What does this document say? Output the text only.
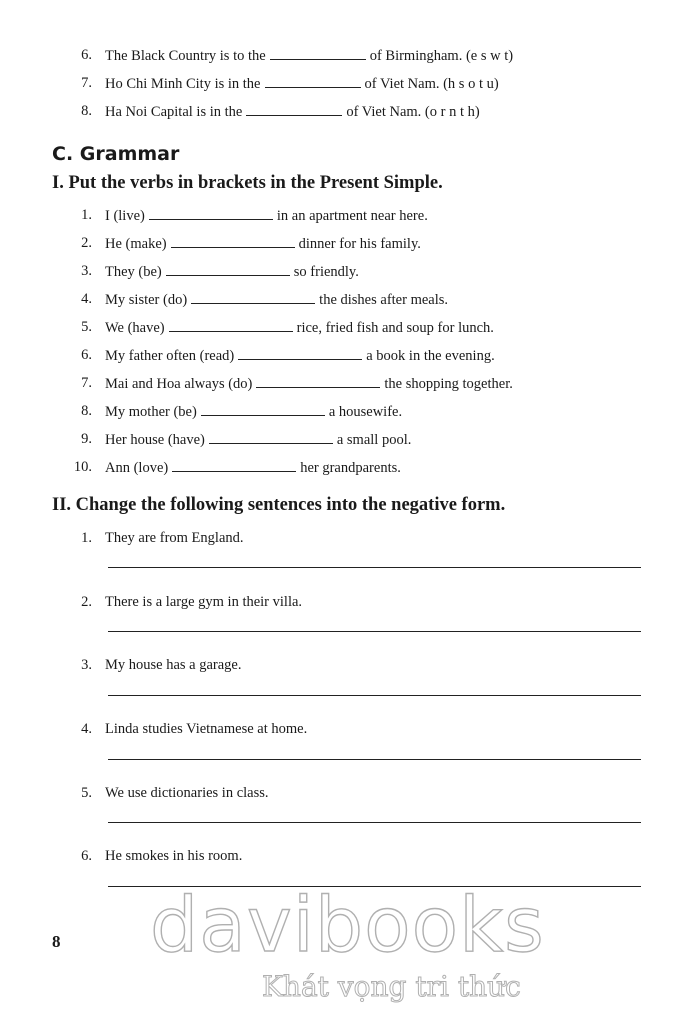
6. The Black Country is to the	of Birmingham. (e s w t)
7. Ho Chi Minh City is in the	of Viet Nam. (h s o t u)
8. Ha Noi Capital is in the	of Viet Nam. (o r n t h)
C. Grammar
I. Put the verbs in brackets in the Present Simple.
1. I (live)	in an apartment near here.
2. He (make)	dinner for his family.
3. They (be)	so friendly.
4. My sister (do)	the dishes after meals.
5. We (have)	rice, fried fish and soup for lunch.
6. My father often (read)	a book in the evening.
7. Mai and Hoa always (do)	the shopping together.
8. My mother (be)	a housewife.
9. Her house (have)	a small pool.
10. Ann (love)	her grandparents.
II. Change the following sentences into the negative form.
1. They are from England.
2. There is a large gym in their villa.
3. My house has a garage.
4. Linda studies Vietnamese at home.
5. We use dictionaries in class.
6. He smokes in his room.
8 davibooks
Khát vọng tri thức
